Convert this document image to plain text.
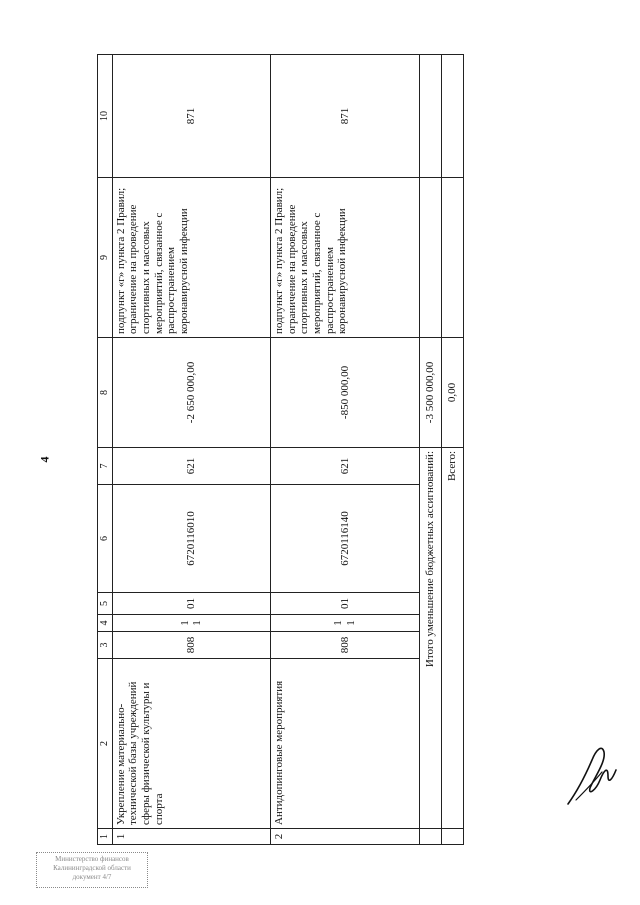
4
1	2	3	4	5	6	7	8	9	10
1	Укрепление материально-технической базы учреждений сферы физической культуры и спорта	808	11	01	6720116010	621	-2 650 000,00	подпункт «г» пункта 2 Правил; ограничение на проведение спортивных и массовых мероприятий, связанное с распространением коронавирусной инфекции	871
2	Антидопинговые мероприятия	808	11	01	6720116140	621	-850 000,00	подпункт «г» пункта 2 Правил; ограничение на проведение спортивных и массовых мероприятий, связанное с распространением коронавирусной инфекции	871
	Итого уменьшение бюджетных ассигнований:						-3 500 000,00		
	Всего:						0,00		
Министерство финансов
Калининградской области
документ 4/7
